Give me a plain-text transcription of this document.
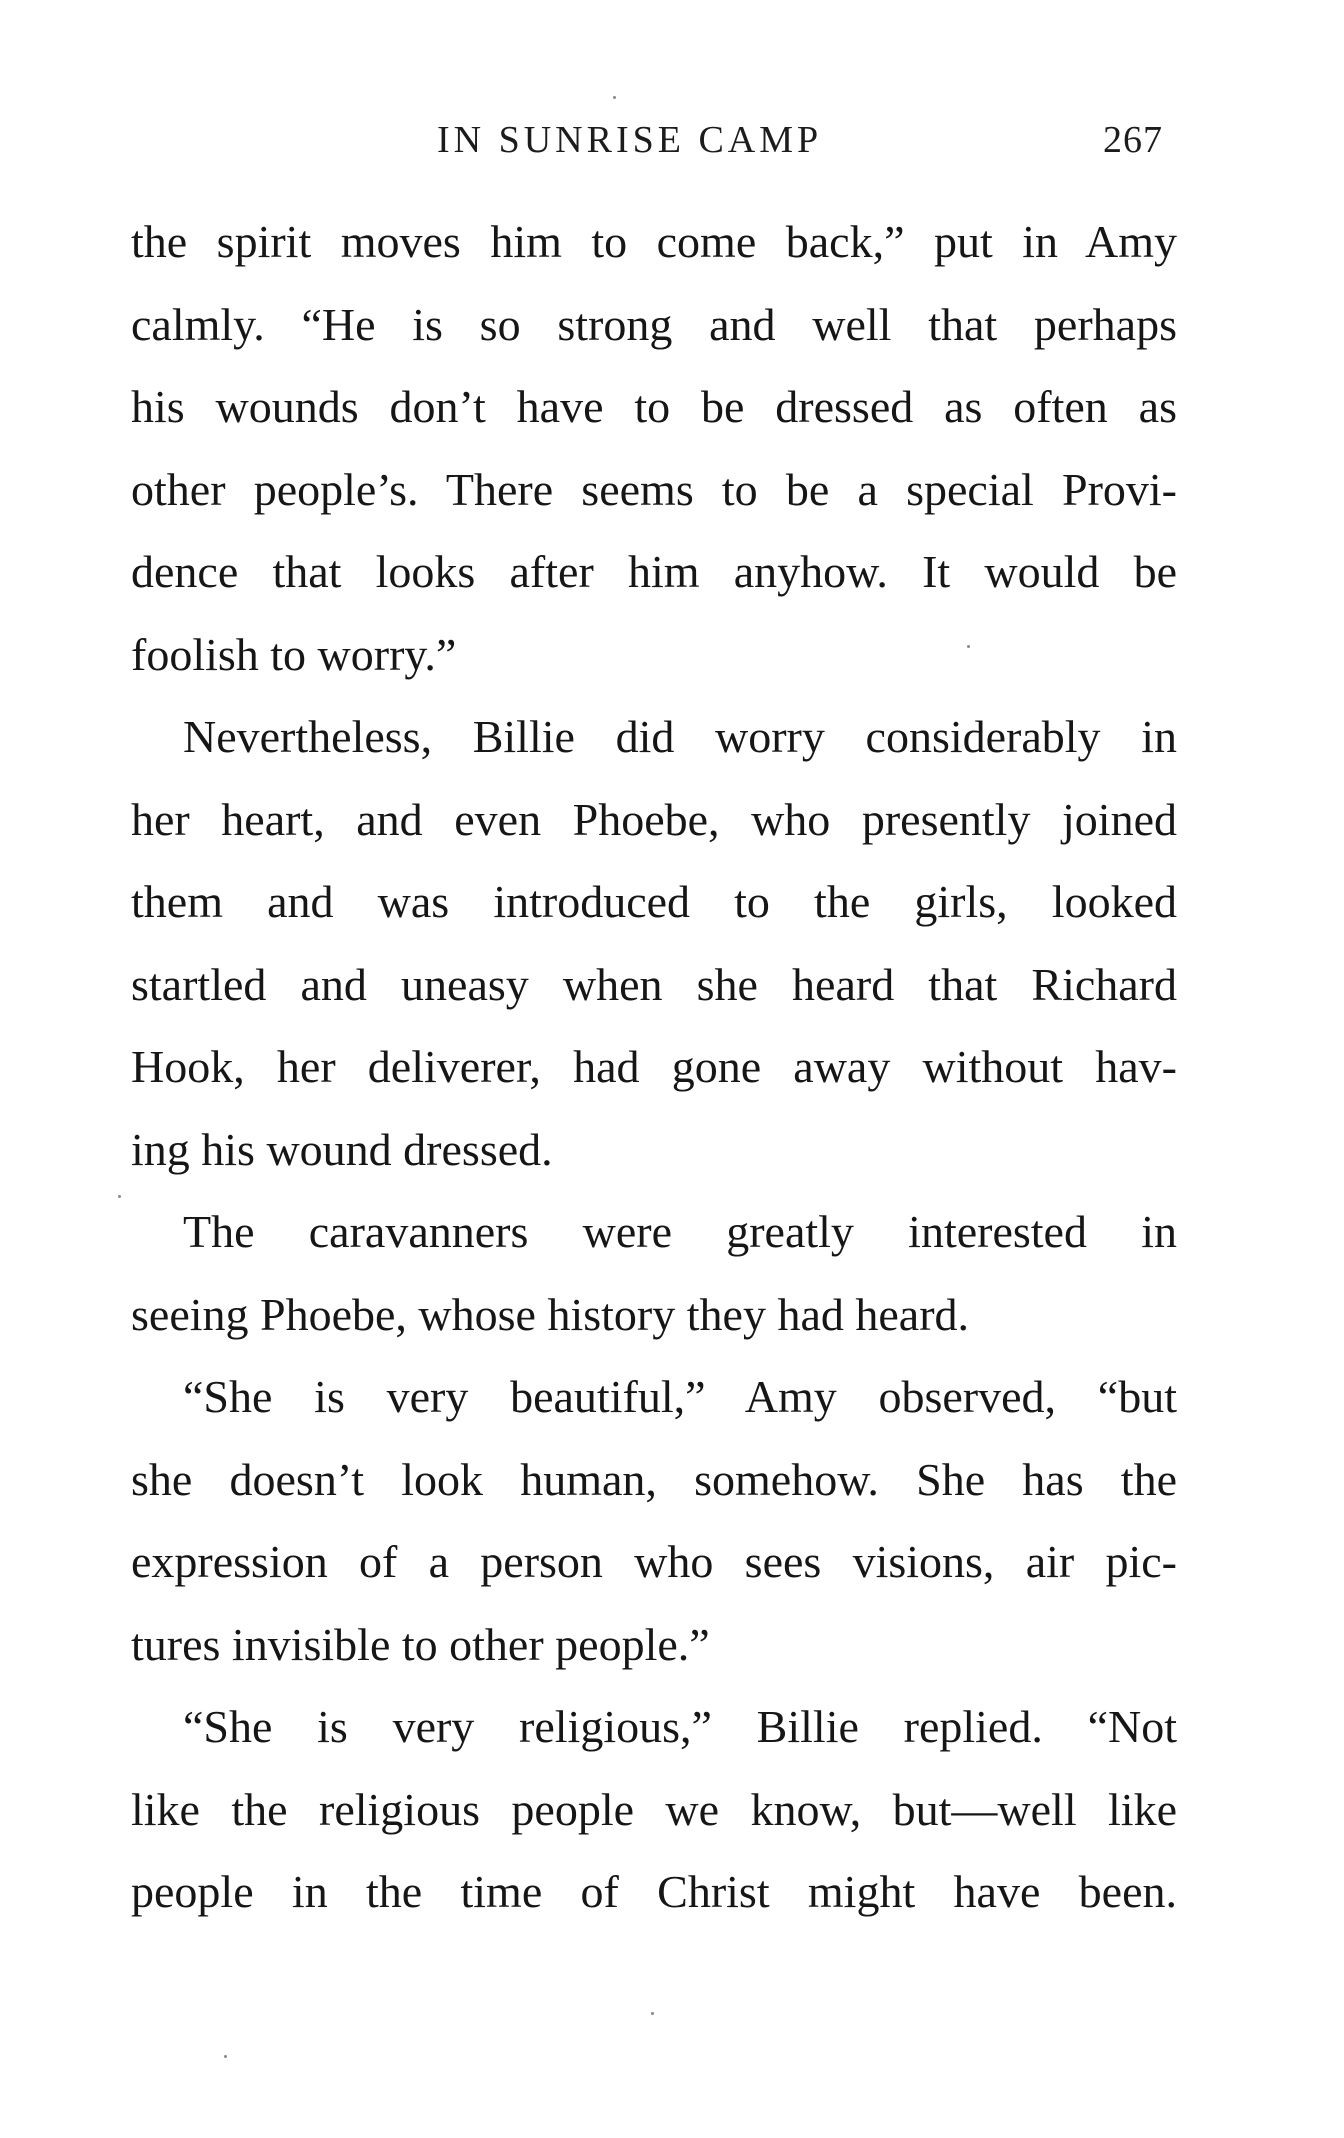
IN SUNRISE CAMP	267

the spirit moves him to come back,” put in Amy
calmly. “He is so strong and well that perhaps
his wounds don’t have to be dressed as often as
other people’s. There seems to be a special Provi-
dence that looks after him anyhow. It would be
foolish to worry.”

Nevertheless, Billie did worry considerably in
her heart, and even Phoebe, who presently joined
them and was introduced to the girls, looked
startled and uneasy when she heard that Richard
Hook, her deliverer, had gone away without hav-
ing his wound dressed.

The caravanners were greatly interested in
seeing Phoebe, whose history they had heard.

“She is very beautiful,” Amy observed, “but
she doesn’t look human, somehow. She has the
expression of a person who sees visions, air pic-
tures invisible to other people.”

“She is very religious,” Billie replied. “Not
like the religious people we know, but—well like
people in the time of Christ might have been.
